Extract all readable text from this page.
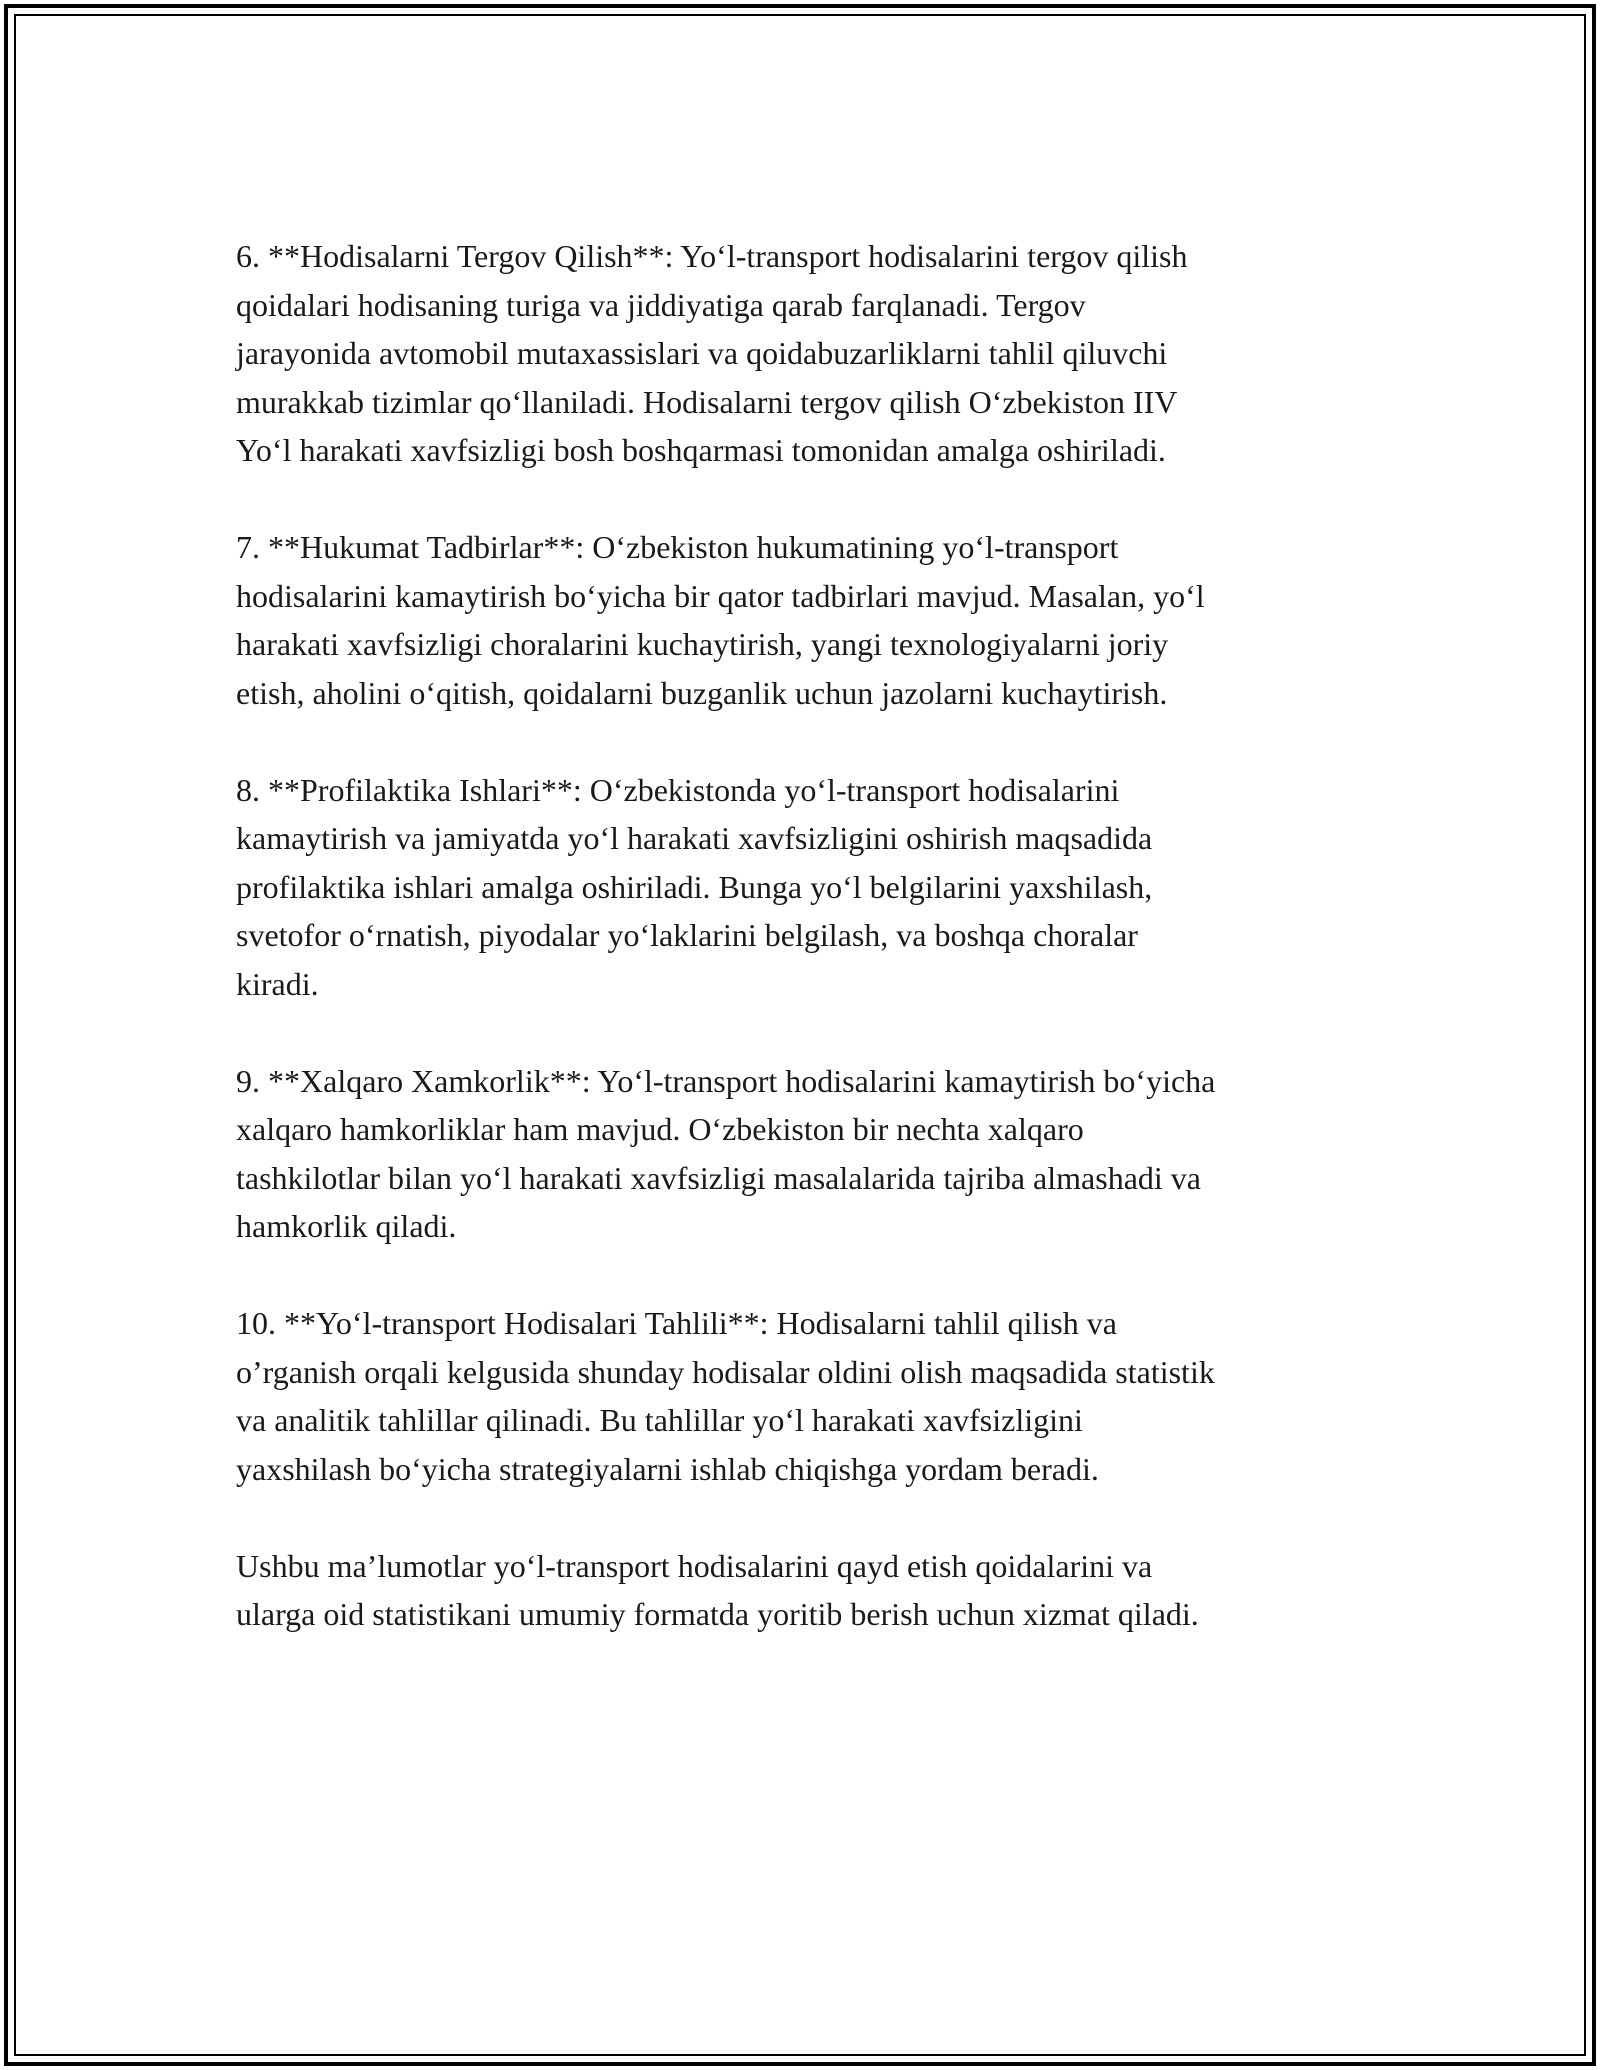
6. **Hodisalarni Tergov Qilish**: Yo‘l-transport hodisalarini tergov qilish
qoidalari hodisaning turiga va jiddiyatiga qarab farqlanadi. Tergov
jarayonida avtomobil mutaxassislari va qoidabuzarliklarni tahlil qiluvchi
murakkab tizimlar qo‘llaniladi. Hodisalarni tergov qilish O‘zbekiston IIV
Yo‘l harakati xavfsizligi bosh boshqarmasi tomonidan amalga oshiriladi.

7. **Hukumat Tadbirlar**: O‘zbekiston hukumatining yo‘l-transport
hodisalarini kamaytirish bo‘yicha bir qator tadbirlari mavjud. Masalan, yo‘l
harakati xavfsizligi choralarini kuchaytirish, yangi texnologiyalarni joriy
etish, aholini o‘qitish, qoidalarni buzganlik uchun jazolarni kuchaytirish.

8. **Profilaktika Ishlari**: O‘zbekistonda yo‘l-transport hodisalarini
kamaytirish va jamiyatda yo‘l harakati xavfsizligini oshirish maqsadida
profilaktika ishlari amalga oshiriladi. Bunga yo‘l belgilarini yaxshilash,
svetofor o‘rnatish, piyodalar yo‘laklarini belgilash, va boshqa choralar
kiradi.

9. **Xalqaro Xamkorlik**: Yo‘l-transport hodisalarini kamaytirish bo‘yicha
xalqaro hamkorliklar ham mavjud. O‘zbekiston bir nechta xalqaro
tashkilotlar bilan yo‘l harakati xavfsizligi masalalarida tajriba almashadi va
hamkorlik qiladi.

10. **Yo‘l-transport Hodisalari Tahlili**: Hodisalarni tahlil qilish va
o’rganish orqali kelgusida shunday hodisalar oldini olish maqsadida statistik
va analitik tahlillar qilinadi. Bu tahlillar yo‘l harakati xavfsizligini
yaxshilash bo‘yicha strategiyalarni ishlab chiqishga yordam beradi.

Ushbu ma’lumotlar yo‘l-transport hodisalarini qayd etish qoidalarini va
ularga oid statistikani umumiy formatda yoritib berish uchun xizmat qiladi.
